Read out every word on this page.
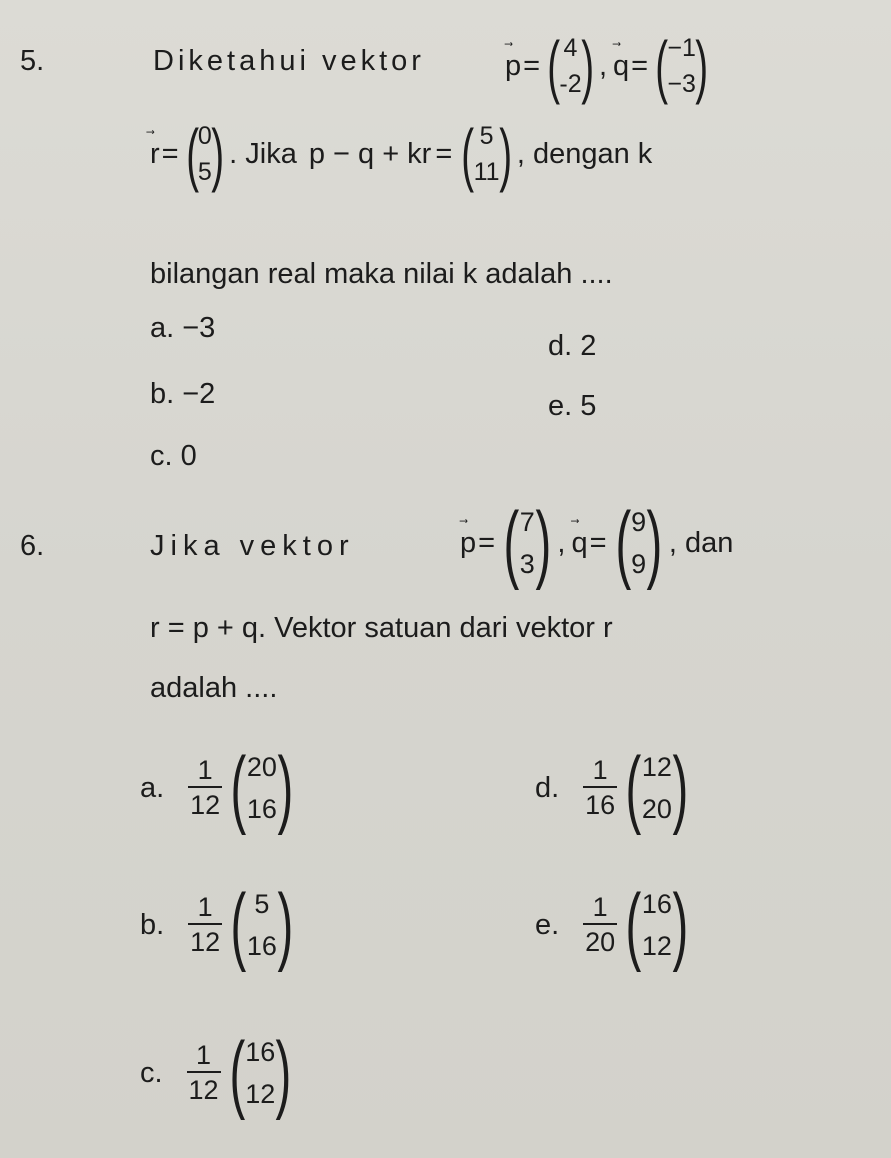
5.	Diketahui vektor	p = ( 4
-2 ) , q = ( −1
−3 )
r = ( 0
5 ) . Jika p − q + kr = ( 5
11 ) , dengan k
bilangan real maka nilai k adalah ....
a. −3
b. −2
c. 0
d. 2
e. 5
6.	Jika vektor	p = ( 7
3 ) , q = ( 9
9 ) , dan
r = p + q. Vektor satuan dari vektor r
adalah ....
a. $\frac{1}{12}$ ( 20
16 )
b. $\frac{1}{12}$ ( 5
16 )
c. $\frac{1}{12}$ ( 16
12 )
d. $\frac{1}{16}$ ( 12
20 )
e. $\frac{1}{20}$ ( 16
12 )
